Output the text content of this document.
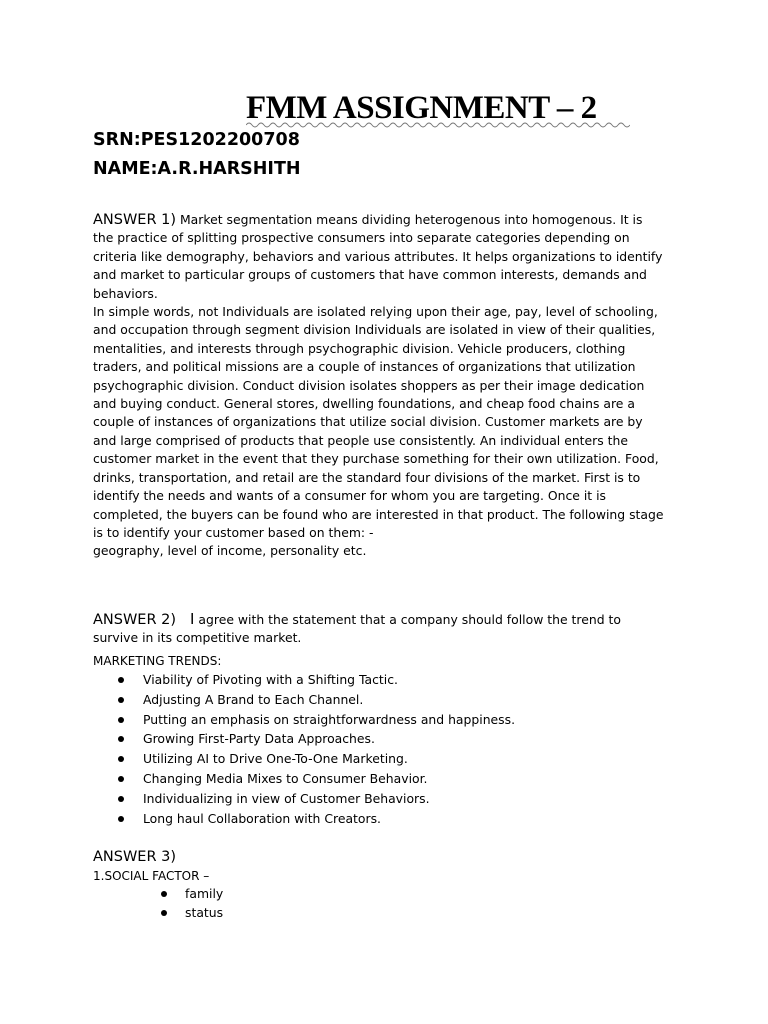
FMM ASSIGNMENT – 2
SRN:PES1202200708
NAME:A.R.HARSHITH

ANSWER 1) Market segmentation means dividing heterogenous into homogenous. It is the practice of splitting prospective consumers into separate categories depending on criteria like demography, behaviors and various attributes. It helps organizations to identify and market to particular groups of customers that have common interests, demands and behaviors.

In simple words, not Individuals are isolated relying upon their age, pay, level of schooling, and occupation through segment division Individuals are isolated in view of their qualities, mentalities, and interests through psychographic division. Vehicle producers, clothing traders, and political missions are a couple of instances of organizations that utilization psychographic division. Conduct division isolates shoppers as per their image dedication and buying conduct. General stores, dwelling foundations, and cheap food chains are a couple of instances of organizations that utilize social division. Customer markets are by and large comprised of products that people use consistently. An individual enters the customer market in the event that they purchase something for their own utilization. Food, drinks, transportation, and retail are the standard four divisions of the market. First is to identify the needs and wants of a consumer for whom you are targeting. Once it is completed, the buyers can be found who are interested in that product. The following stage is to identify your customer based on them: -

geography, level of income, personality etc.

ANSWER 2) I agree with the statement that a company should follow the trend to survive in its competitive market.

MARKETING TRENDS:
Viability of Pivoting with a Shifting Tactic.
Adjusting A Brand to Each Channel.
Putting an emphasis on straightforwardness and happiness.
Growing First-Party Data Approaches.
Utilizing AI to Drive One-To-One Marketing.
Changing Media Mixes to Consumer Behavior.
Individualizing in view of Customer Behaviors.
Long haul Collaboration with Creators.
ANSWER 3)
1.SOCIAL FACTOR –
family
status
